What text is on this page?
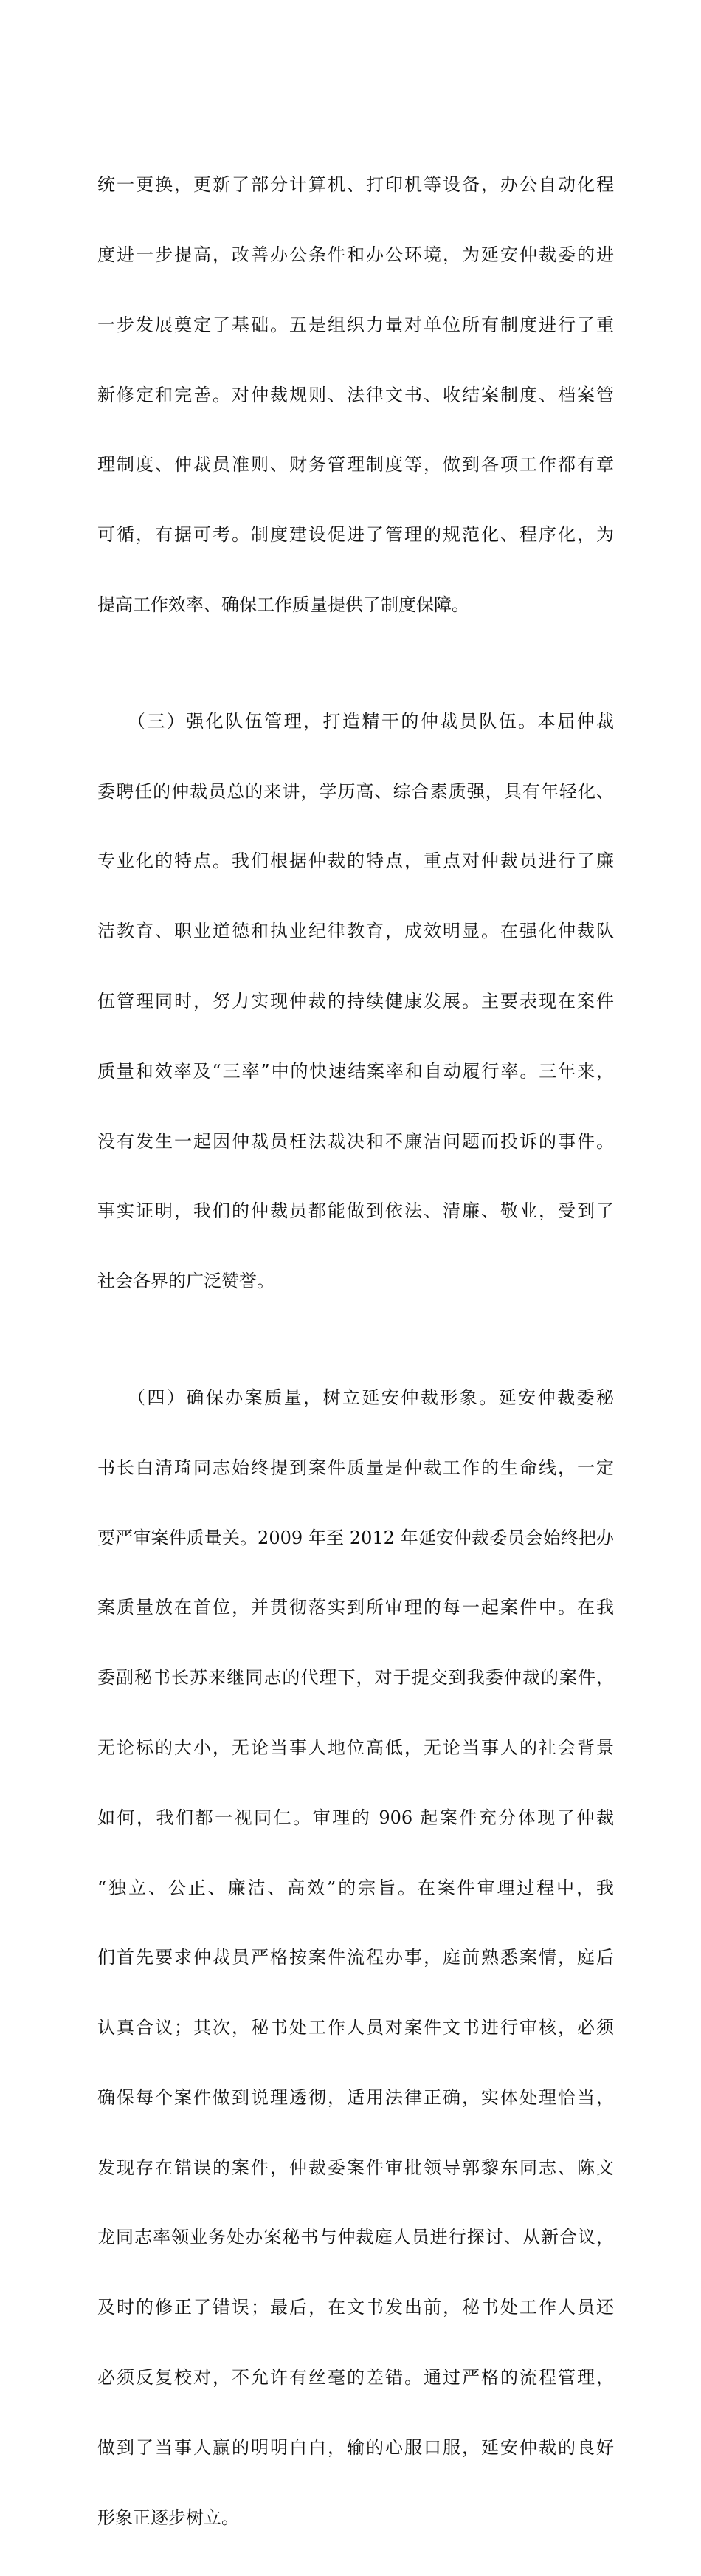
统一更换，更新了部分计算机、打印机等设备，办公自动化程

度进一步提高，改善办公条件和办公环境，为延安仲裁委的进

一步发展奠定了基础。五是组织力量对单位所有制度进行了重

新修定和完善。对仲裁规则、法律文书、收结案制度、档案管

理制度、仲裁员准则、财务管理制度等，做到各项工作都有章

可循，有据可考。制度建设促进了管理的规范化、程序化，为

提高工作效率、确保工作质量提供了制度保障。

　　（三）强化队伍管理，打造精干的仲裁员队伍。本届仲裁

委聘任的仲裁员总的来讲，学历高、综合素质强，具有年轻化、

专业化的特点。我们根据仲裁的特点，重点对仲裁员进行了廉

洁教育、职业道德和执业纪律教育，成效明显。在强化仲裁队

伍管理同时，努力实现仲裁的持续健康发展。主要表现在案件

质量和效率及“三率”中的快速结案率和自动履行率。三年来，

没有发生一起因仲裁员枉法裁决和不廉洁问题而投诉的事件。

事实证明，我们的仲裁员都能做到依法、清廉、敬业，受到了

社会各界的广泛赞誉。

　　（四）确保办案质量，树立延安仲裁形象。延安仲裁委秘

书长白清琦同志始终提到案件质量是仲裁工作的生命线，一定

要严审案件质量关。2009 年至 2012 年延安仲裁委员会始终把办

案质量放在首位，并贯彻落实到所审理的每一起案件中。在我

委副秘书长苏来继同志的代理下，对于提交到我委仲裁的案件，

无论标的大小，无论当事人地位高低，无论当事人的社会背景

如何，我们都一视同仁。审理的 906 起案件充分体现了仲裁

“独立、公正、廉洁、高效”的宗旨。在案件审理过程中，我

们首先要求仲裁员严格按案件流程办事，庭前熟悉案情，庭后

认真合议；其次，秘书处工作人员对案件文书进行审核，必须

确保每个案件做到说理透彻，适用法律正确，实体处理恰当，

发现存在错误的案件，仲裁委案件审批领导郭黎东同志、陈文

龙同志率领业务处办案秘书与仲裁庭人员进行探讨、从新合议，

及时的修正了错误；最后，在文书发出前，秘书处工作人员还

必须反复校对，不允许有丝毫的差错。通过严格的流程管理，

做到了当事人赢的明明白白，输的心服口服，延安仲裁的良好

形象正逐步树立。
